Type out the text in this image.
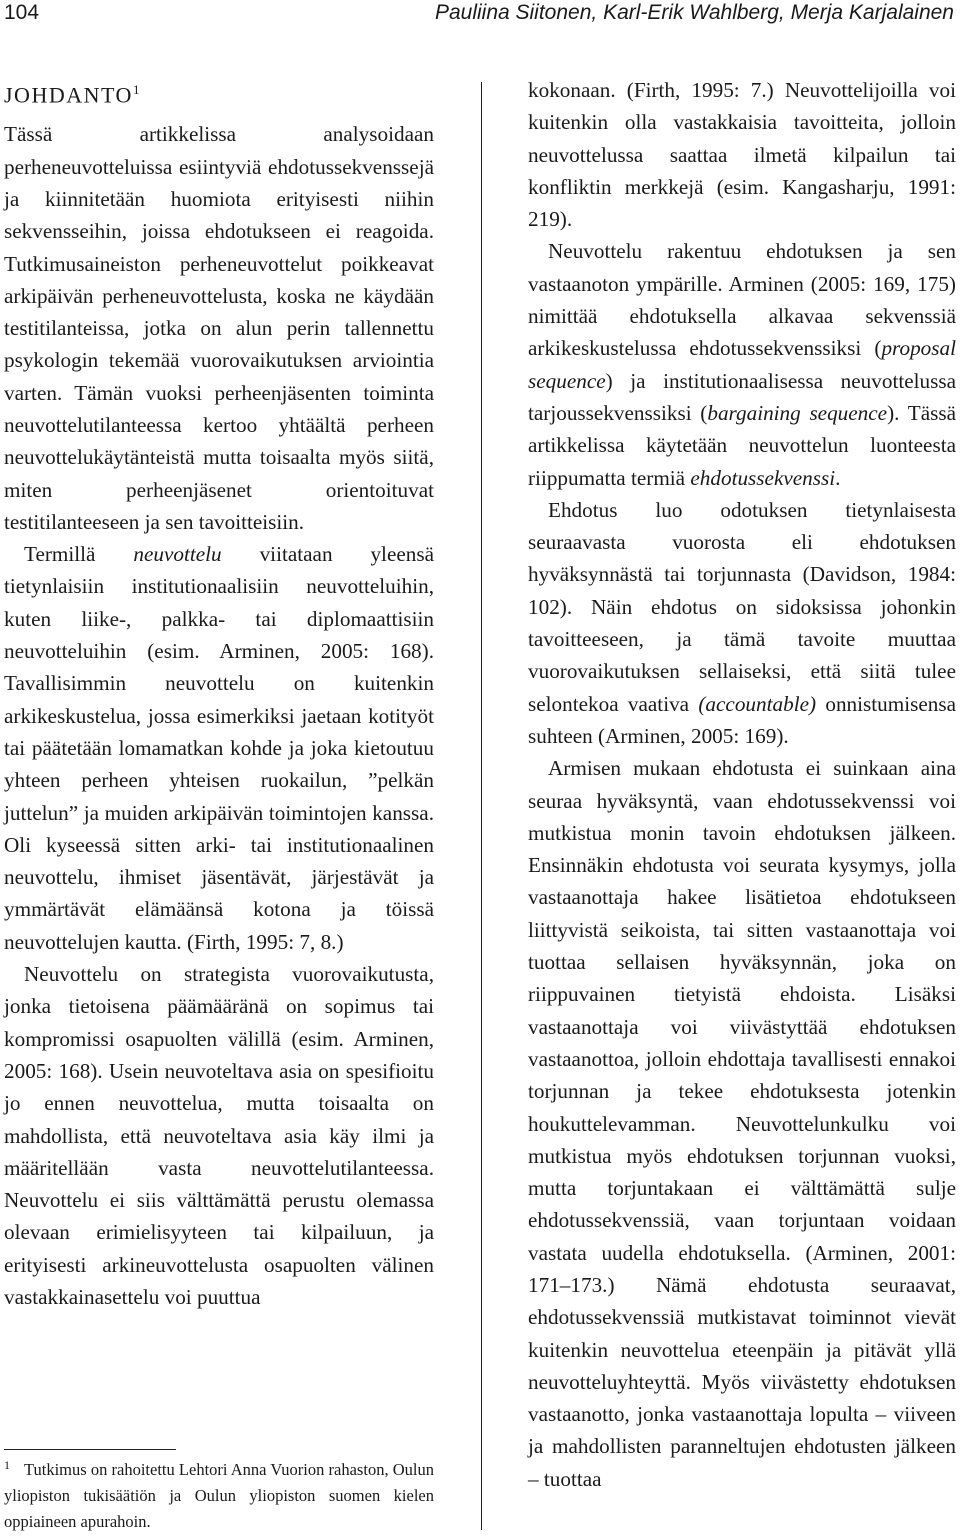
104	Pauliina Siitonen, Karl-Erik Wahlberg, Merja Karjalainen
JOHDANTO$^1$

Tässä artikkelissa analysoidaan perheneuvotteluissa esiintyviä ehdotussekvenssejä ja kiinnitetään huomiota erityisesti niihin sekvensseihin, joissa ehdotukseen ei reagoida. Tutkimusaineiston perheneuvottelut poikkeavat arkipäivän perheneuvottelusta, koska ne käydään testitilanteissa, jotka on alun perin tallennettu psykologin tekemää vuorovaikutuksen arviointia varten. Tämän vuoksi perheenjäsenten toiminta neuvottelutilanteessa kertoo yhtäältä perheen neuvottelukäytänteistä mutta toisaalta myös siitä, miten perheenjäsenet orientoituvat testitilanteeseen ja sen tavoitteisiin.

Termillä neuvottelu viitataan yleensä tietynlaisiin institutionaalisiin neuvotteluihin, kuten liike-, palkka- tai diplomaattisiin neuvotteluihin (esim. Arminen, 2005: 168). Tavallisimmin neuvottelu on kuitenkin arkikeskustelua, jossa esimerkiksi jaetaan kotityöt tai päätetään lomamatkan kohde ja joka kietoutuu yhteen perheen yhteisen ruokailun, ”pelkän juttelun” ja muiden arkipäivän toimintojen kanssa. Oli kyseessä sitten arki- tai institutionaalinen neuvottelu, ihmiset jäsentävät, järjestävät ja ymmärtävät elämäänsä kotona ja töissä neuvottelujen kautta. (Firth, 1995: 7, 8.)

Neuvottelu on strategista vuorovaikutusta, jonka tietoisena päämääränä on sopimus tai kompromissi osapuolten välillä (esim. Arminen, 2005: 168). Usein neuvoteltava asia on spesifioitu jo ennen neuvottelua, mutta toisaalta on mahdollista, että neuvoteltava asia käy ilmi ja määritellään vasta neuvottelutilanteessa. Neuvottelu ei siis välttämättä perustu olemassa olevaan erimielisyyteen tai kilpailuun, ja erityisesti arkineuvottelusta osapuolten välinen vastakkainasettelu voi puuttua

$^1$ Tutkimus on rahoitettu Lehtori Anna Vuorion rahaston, Oulun yliopiston tukisäätiön ja Oulun yliopiston suomen kielen oppiaineen apurahoin.

kokonaan. (Firth, 1995: 7.) Neuvottelijoilla voi kuitenkin olla vastakkaisia tavoitteita, jolloin neuvottelussa saattaa ilmetä kilpailun tai konfliktin merkkejä (esim. Kangasharju, 1991: 219).

Neuvottelu rakentuu ehdotuksen ja sen vastaanoton ympärille. Arminen (2005: 169, 175) nimittää ehdotuksella alkavaa sekvenssiä arkikeskustelussa ehdotussekvenssiksi (proposal sequence) ja institutionaalisessa neuvottelussa tarjoussekvenssiksi (bargaining sequence). Tässä artikkelissa käytetään neuvottelun luonteesta riippumatta termiä ehdotussekvenssi.

Ehdotus luo odotuksen tietynlaisesta seuraavasta vuorosta eli ehdotuksen hyväksynnästä tai torjunnasta (Davidson, 1984: 102). Näin ehdotus on sidoksissa johonkin tavoitteeseen, ja tämä tavoite muuttaa vuorovaikutuksen sellaiseksi, että siitä tulee selontekoa vaativa (accountable) onnistumisensa suhteen (Arminen, 2005: 169).

Armisen mukaan ehdotusta ei suinkaan aina seuraa hyväksyntä, vaan ehdotussekvenssi voi mutkistua monin tavoin ehdotuksen jälkeen. Ensinnäkin ehdotusta voi seurata kysymys, jolla vastaanottaja hakee lisätietoa ehdotukseen liittyvistä seikoista, tai sitten vastaanottaja voi tuottaa sellaisen hyväksynnän, joka on riippuvainen tietyistä ehdoista. Lisäksi vastaanottaja voi viivästyttää ehdotuksen vastaanottoa, jolloin ehdottaja tavallisesti ennakoi torjunnan ja tekee ehdotuksesta jotenkin houkuttelevamman. Neuvottelunkulku voi mutkistua myös ehdotuksen torjunnan vuoksi, mutta torjuntakaan ei välttämättä sulje ehdotussekvenssiä, vaan torjuntaan voidaan vastata uudella ehdotuksella. (Arminen, 2001: 171–173.) Nämä ehdotusta seuraavat, ehdotussekvenssiä mutkistavat toiminnot vievät kuitenkin neuvottelua eteenpäin ja pitävät yllä neuvotteluyhteyttä. Myös viivästetty ehdotuksen vastaanotto, jonka vastaanottaja lopulta – viiveen ja mahdollisten paranneltujen ehdotusten jälkeen – tuottaa
